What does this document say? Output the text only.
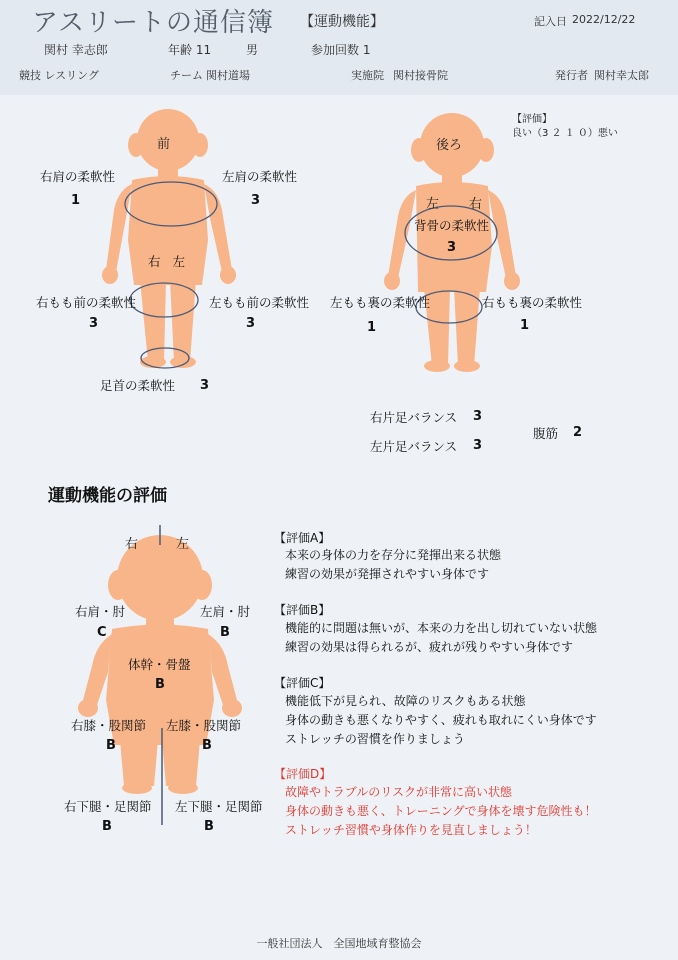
アスリートの通信簿 【運動機能】	記入日 2022/12/22
関村 幸志郎	年齢 11	男	参加回数 1
競技 レスリング	チーム 関村道場	実施院 関村接骨院	発行者 関村幸太郎
前
右 左
右肩の柔軟性
1
左肩の柔軟性
3
右もも前の柔軟性
3
左もも前の柔軟性
3
足首の柔軟性 3
後ろ
左 右
背骨の柔軟性
3
左もも裏の柔軟性
1
右もも裏の柔軟性
1
【評価】
良い（3 ２ １ ０）悪い
右片足バランス 3
左片足バランス 3
腹筋 2
運動機能の評価
右	左
右肩・肘
C
左肩・肘
B
体幹・骨盤
B
右膝・股関節
B
左膝・股関節
B
右下腿・足関節
B
左下腿・足関節
B
【評価A】
本来の身体の力を存分に発揮出来る状態
練習の効果が発揮されやすい身体です
【評価B】
機能的に問題は無いが、本来の力を出し切れていない状態
練習の効果は得られるが、疲れが残りやすい身体です
【評価C】
機能低下が見られ、故障のリスクもある状態
身体の動きも悪くなりやすく、疲れも取れにくい身体です
ストレッチの習慣を作りましょう
【評価D】
故障やトラブルのリスクが非常に高い状態
身体の動きも悪く、トレーニングで身体を壊す危険性も！
ストレッチ習慣や身体作りを見直しましょう！
一般社団法人　全国地域育整協会
